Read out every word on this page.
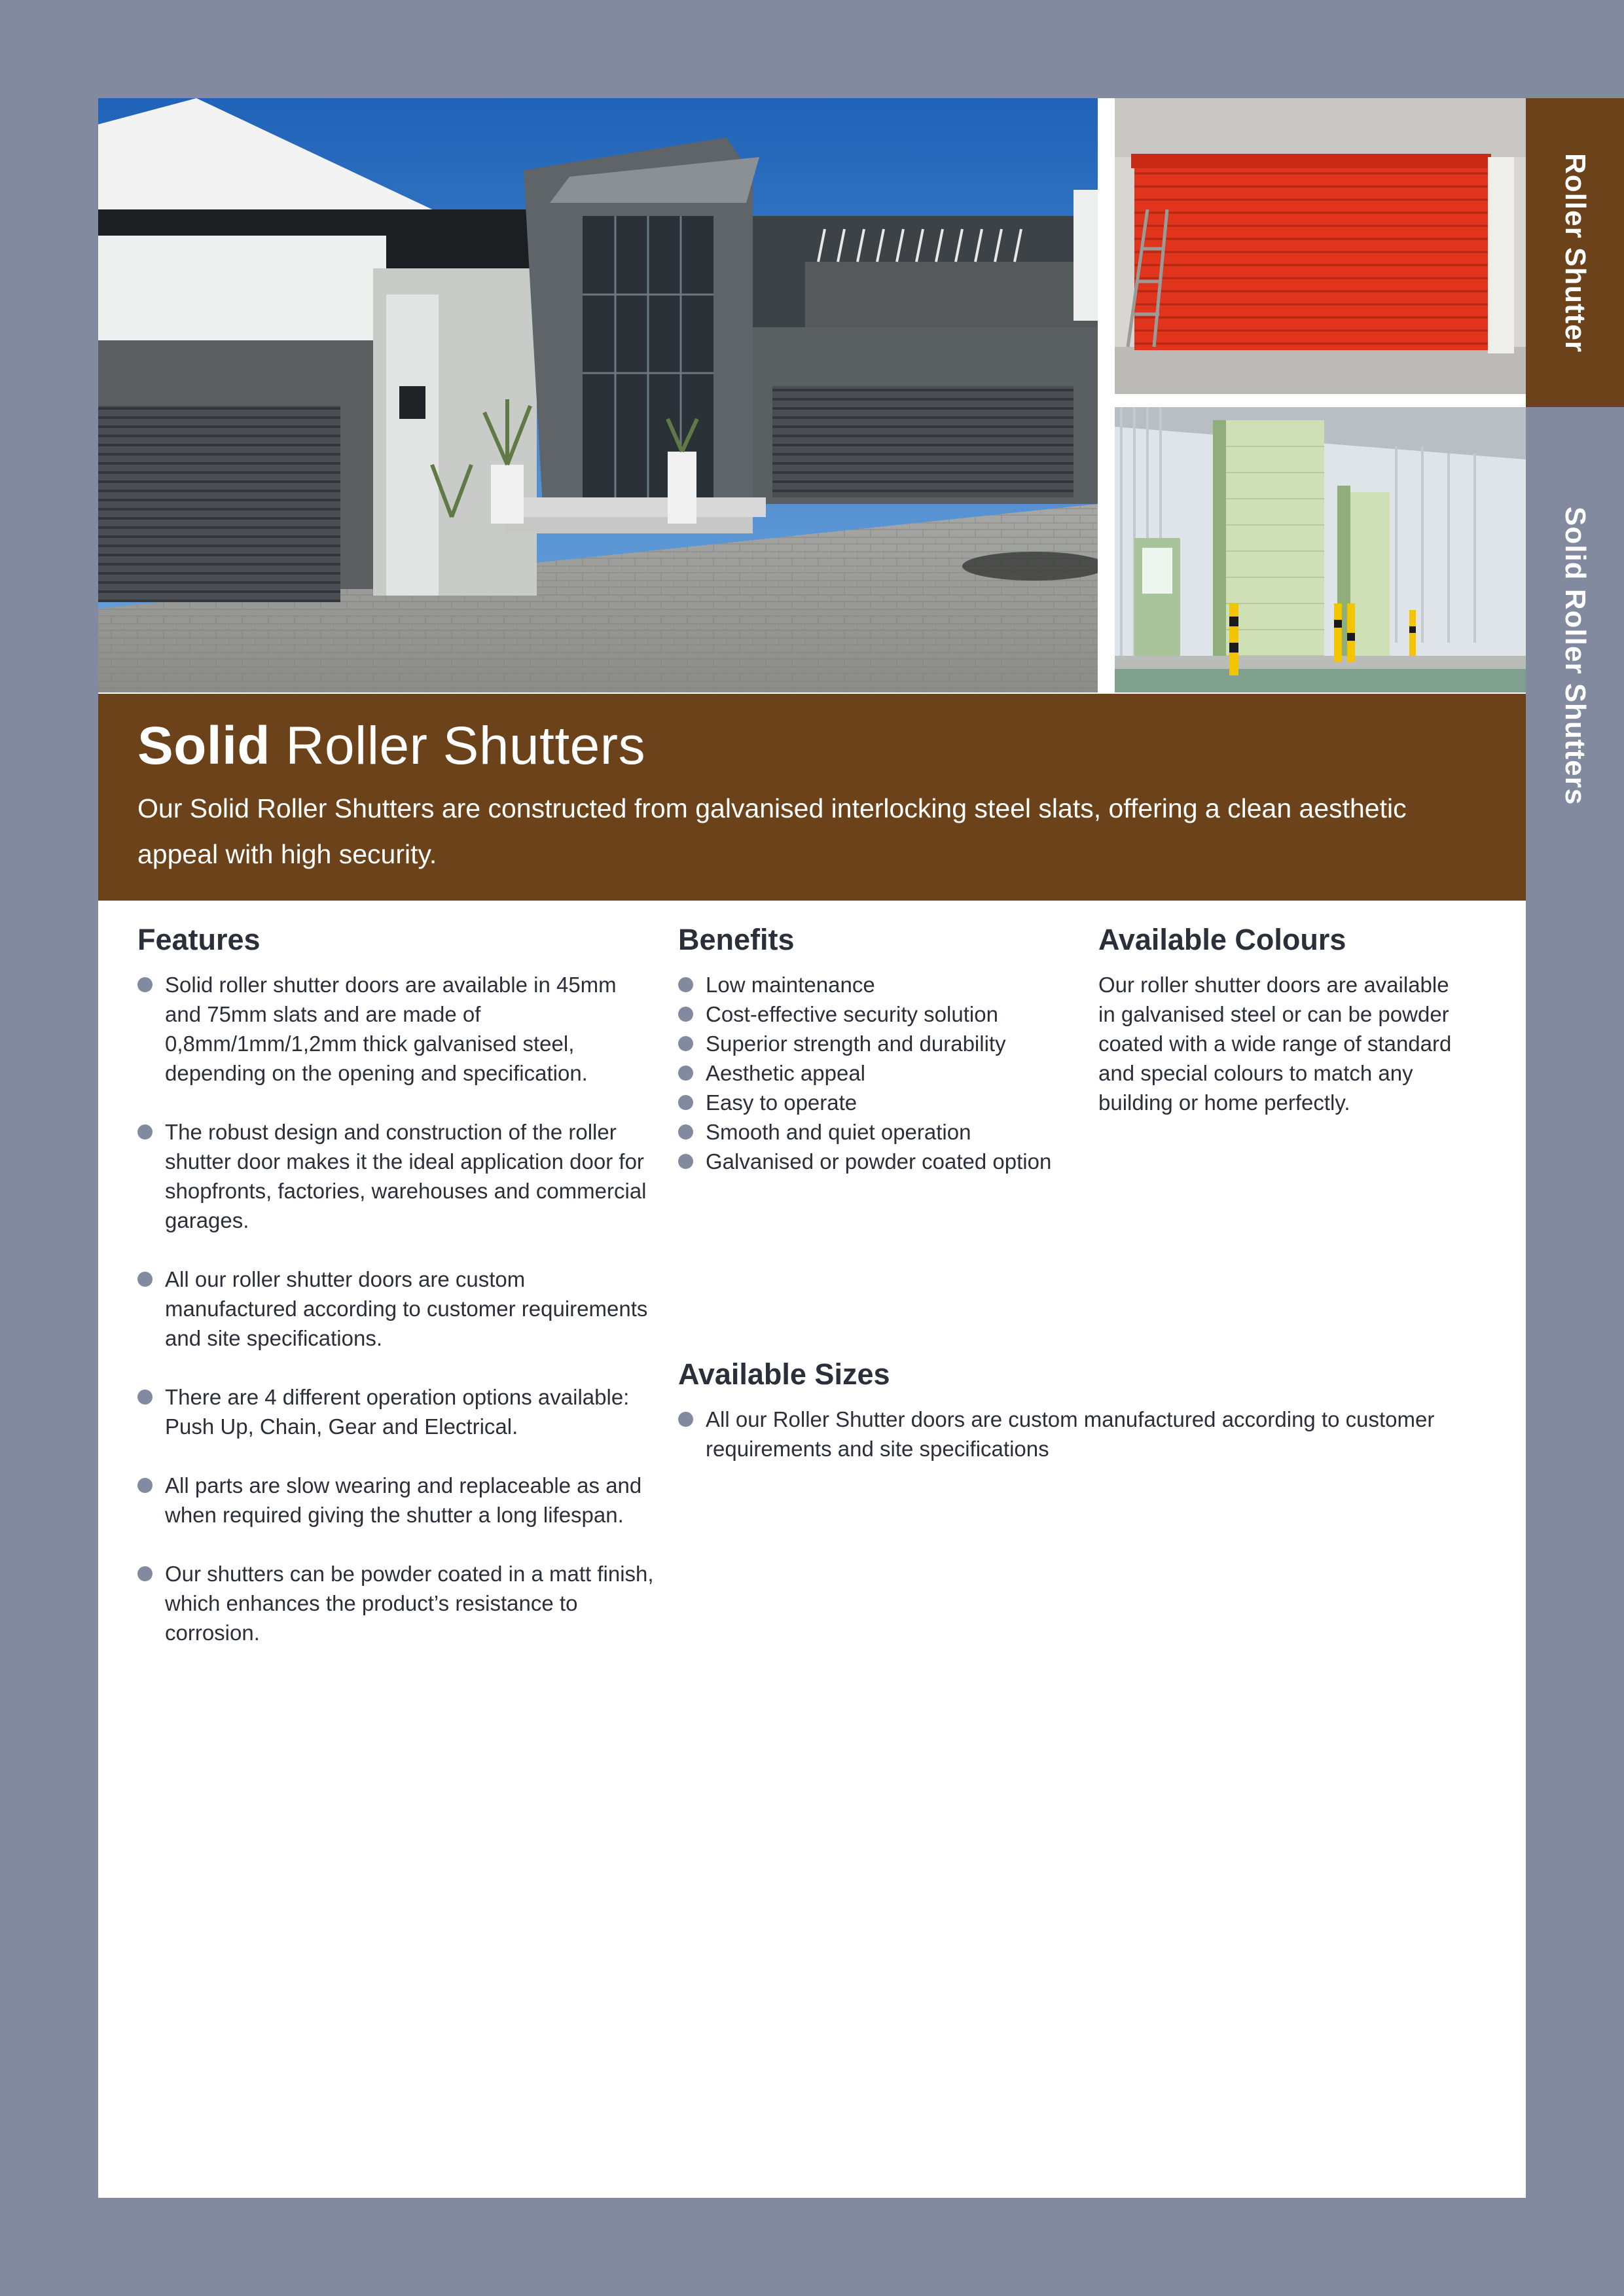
Solid Roller Shutters

Our Solid Roller Shutters are constructed from galvanised interlocking steel slats, offering a clean aesthetic appeal with high security.

Features
Solid roller shutter doors are available in 45mm and 75mm slats and are made of 0,8mm/1mm/1,2mm thick galvanised steel, depending on the opening and specification.
The robust design and construction of the roller shutter door makes it the ideal application door for shopfronts, factories, warehouses and commercial garages.
All our roller shutter doors are custom manufactured according to customer requirements and site specifications.
There are 4 different operation options available: Push Up, Chain, Gear and Electrical.
All parts are slow wearing and replaceable as and when required giving the shutter a long lifespan.
Our shutters can be powder coated in a matt finish, which enhances the product’s resistance to corrosion.
Benefits
Low maintenance
Cost-effective security solution
Superior strength and durability
Aesthetic appeal
Easy to operate
Smooth and quiet operation
Galvanised or powder coated option
Available Colours

Our roller shutter doors are available in galvanised steel or can be powder coated with a wide range of standard and special colours to match any building or home perfectly.

Available Sizes
All our Roller Shutter doors are custom manufactured according to customer requirements and site specifications
Roller Shutter
Solid Roller Shutters
